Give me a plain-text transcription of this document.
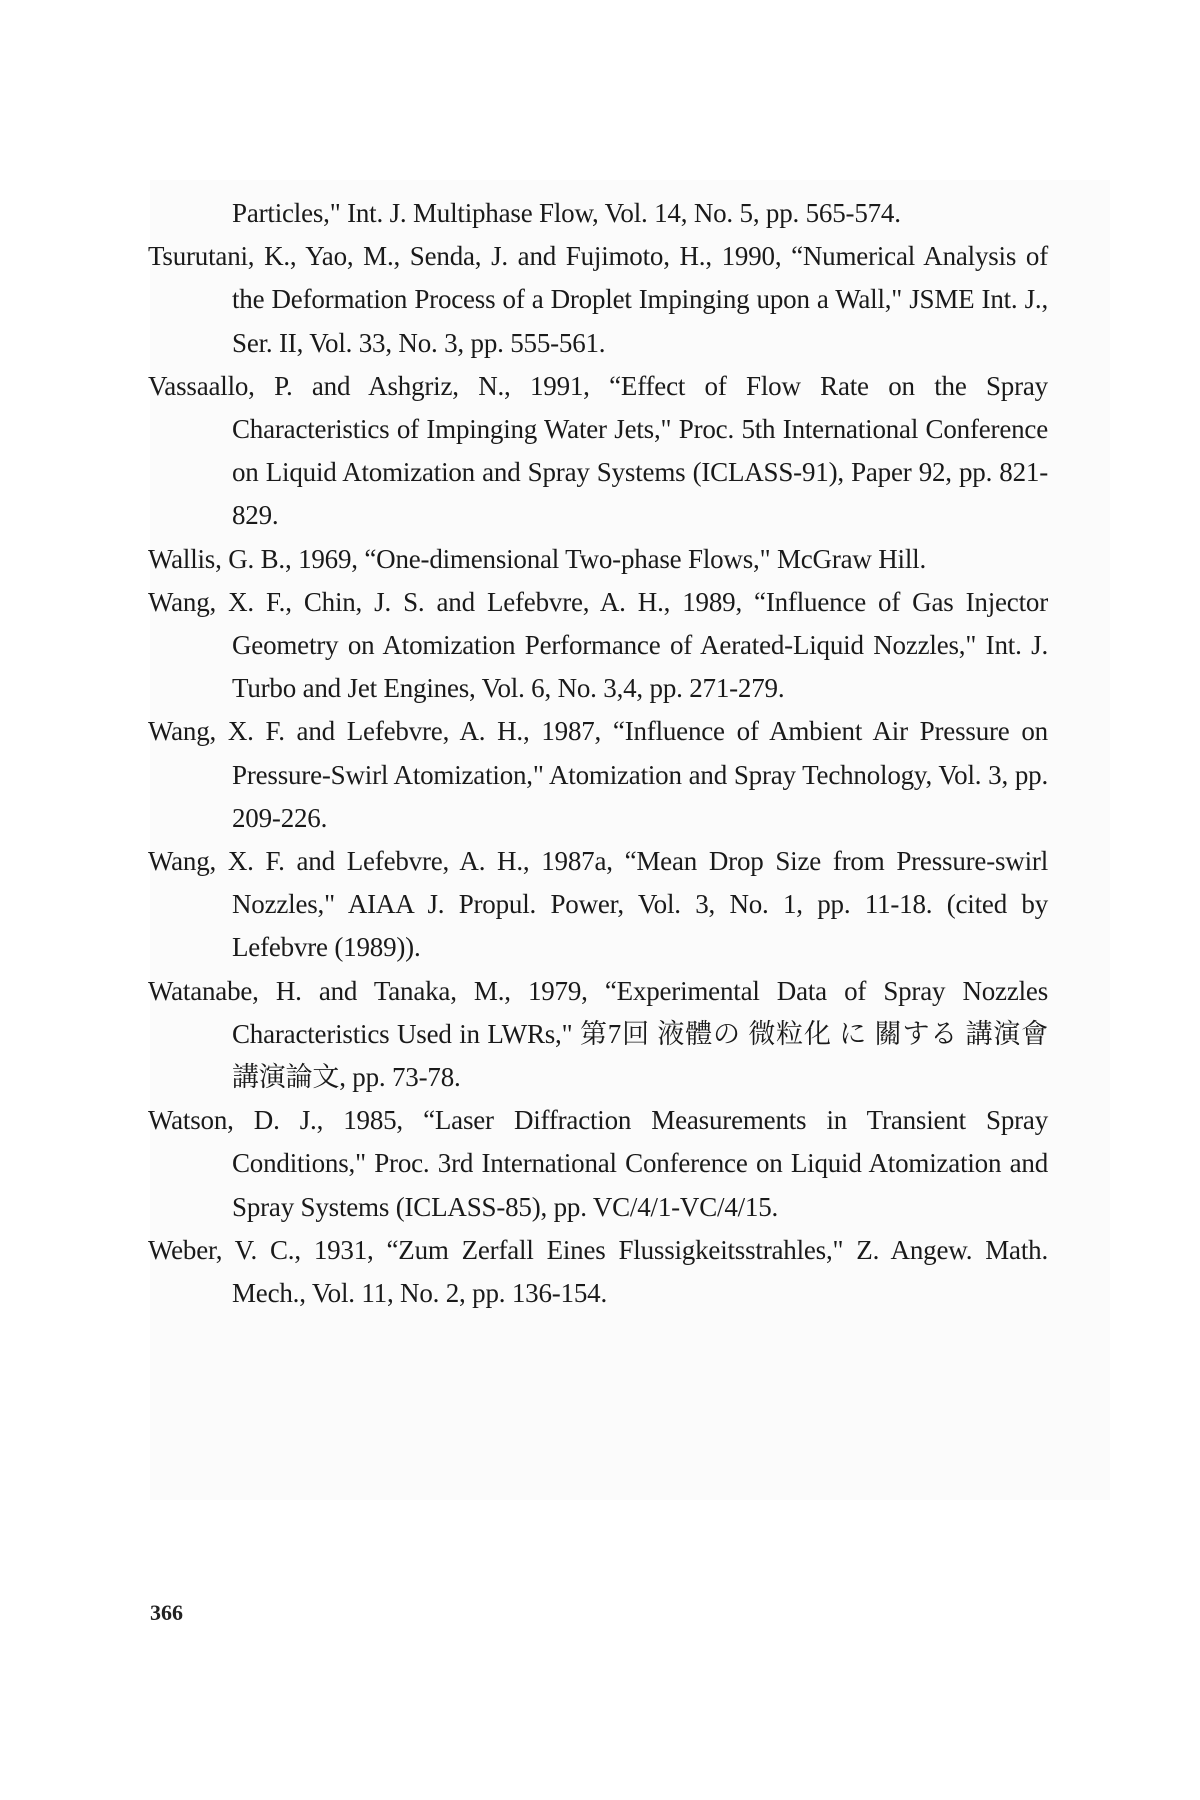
Particles," Int. J. Multiphase Flow, Vol. 14, No. 5, pp. 565-574.

Tsurutani, K., Yao, M., Senda, J. and Fujimoto, H., 1990, “Numerical Analysis of the Deformation Process of a Droplet Impinging upon a Wall," JSME Int. J., Ser. II, Vol. 33, No. 3, pp. 555-561.

Vassaallo, P. and Ashgriz, N., 1991, “Effect of Flow Rate on the Spray Characteristics of Impinging Water Jets," Proc. 5th International Conference on Liquid Atomization and Spray Systems (ICLASS-91), Paper 92, pp. 821-829.

Wallis, G. B., 1969, “One-dimensional Two-phase Flows," McGraw Hill.

Wang, X. F., Chin, J. S. and Lefebvre, A. H., 1989, “Influence of Gas Injector Geometry on Atomization Performance of Aerated-Liquid Nozzles," Int. J. Turbo and Jet Engines, Vol. 6, No. 3,4, pp. 271-279.

Wang, X. F. and Lefebvre, A. H., 1987, “Influence of Ambient Air Pressure on Pressure-Swirl Atomization," Atomization and Spray Technology, Vol. 3, pp. 209-226.

Wang, X. F. and Lefebvre, A. H., 1987a, “Mean Drop Size from Pressure-swirl Nozzles," AIAA J. Propul. Power, Vol. 3, No. 1, pp. 11-18. (cited by Lefebvre (1989)).

Watanabe, H. and Tanaka, M., 1979, “Experimental Data of Spray Nozzles Characteristics Used in LWRs," 第7回 液體の 微粒化 に 關する 講演會 講演論文, pp. 73-78.

Watson, D. J., 1985, “Laser Diffraction Measurements in Transient Spray Conditions," Proc. 3rd International Conference on Liquid Atomization and Spray Systems (ICLASS-85), pp. VC/4/1-VC/4/15.

Weber, V. C., 1931, “Zum Zerfall Eines Flussigkeitsstrahles," Z. Angew. Math. Mech., Vol. 11, No. 2, pp. 136-154.

366
